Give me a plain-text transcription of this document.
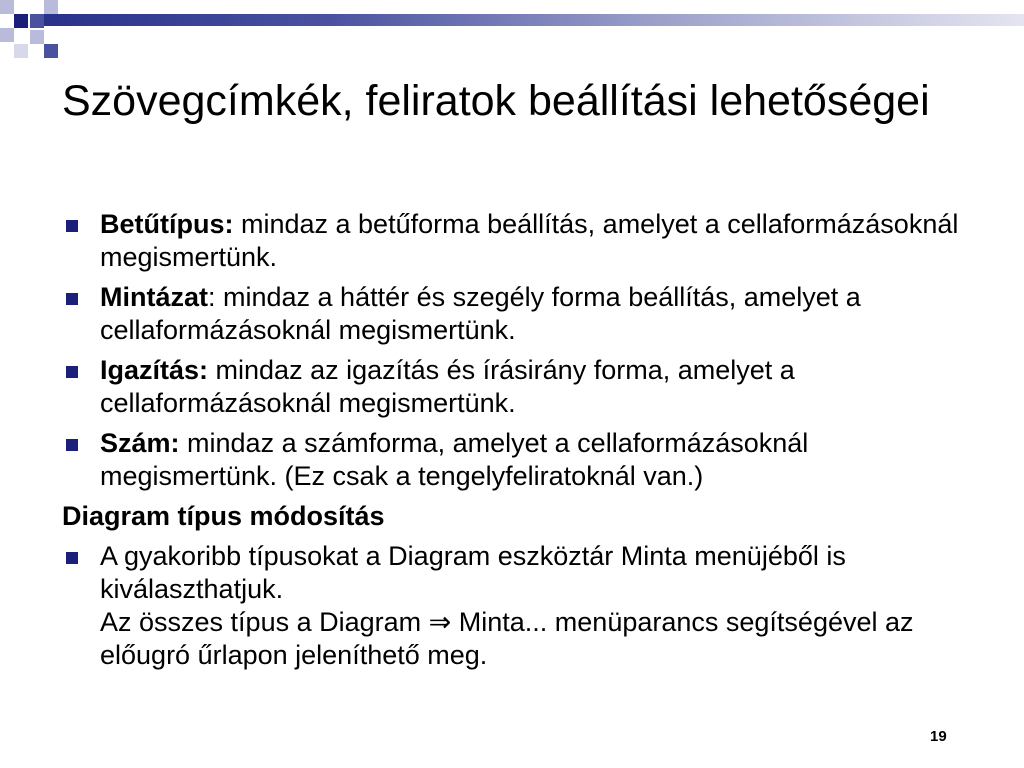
Szövegcímkék, feliratok beállítási lehetőségei
Betűtípus: mindaz a betűforma beállítás, amelyet a cellaformázásoknál megismertünk.
Mintázat: mindaz a háttér és szegély forma beállítás, amelyet a cellaformázásoknál megismertünk.
Igazítás: mindaz az igazítás és írásirány forma, amelyet a cellaformázásoknál megismertünk.
Szám: mindaz a számforma, amelyet a cellaformázásoknál megismertünk. (Ez csak a tengelyfeliratoknál van.)
Diagram típus módosítás
A gyakoribb típusokat a Diagram eszköztár Minta menüjéből is kiválaszthatjuk.
Az összes típus a Diagram ⇒ Minta... menüparancs segítségével az előugró űrlapon jeleníthető meg.
19
